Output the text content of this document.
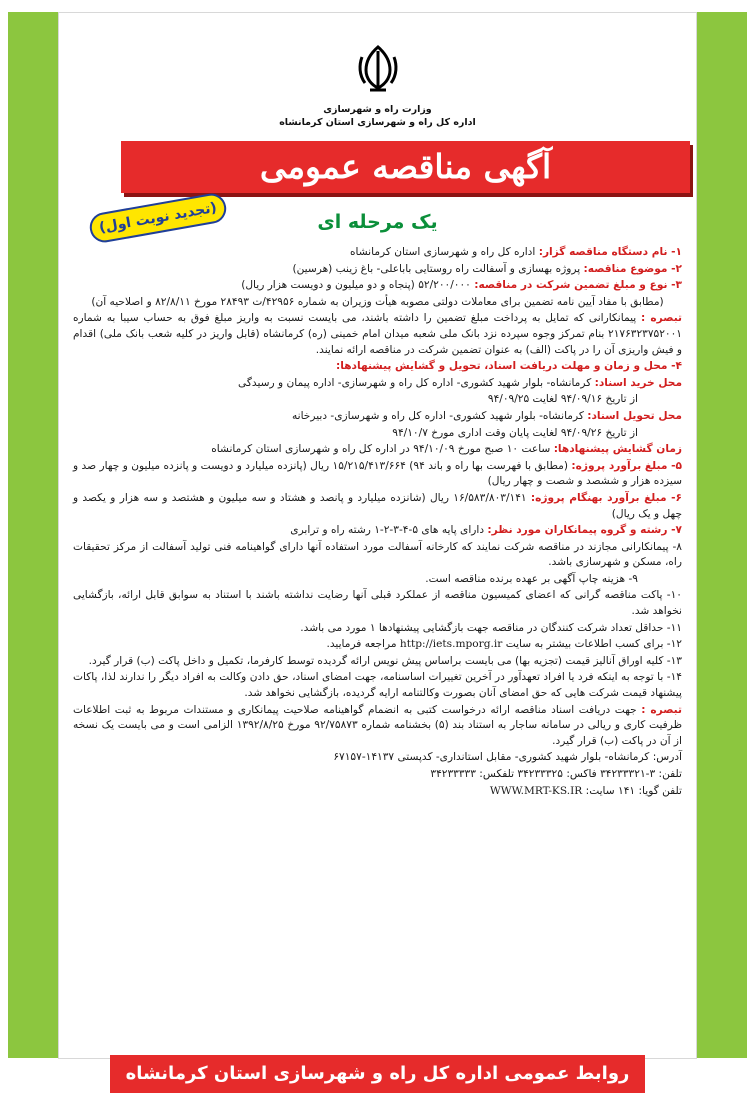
وزارت راه و شهرسازی
اداره کل راه و شهرسازی استان کرمانشاه
آگهی مناقصه عمومی
(تجدید نوبت اول)	یک مرحله ای

۱- نام دستگاه مناقصه گزار: اداره کل راه و شهرسازی استان کرمانشاه

۲- موضوع مناقصه: پروژه بهسازی و آسفالت راه روستایی باباعلی- باغ زینب (هرسین)

۳- نوع و مبلغ تضمین شرکت در مناقصه: ۵۲/۲۰۰/۰۰۰ (پنجاه و دو میلیون و دویست هزار ریال)

(مطابق با مفاد آیین نامه تضمین برای معاملات دولتی مصوبه هیأت وزیران به شماره ۴۲۹۵۶/ت ۲۸۴۹۳ مورخ ۸۲/۸/۱۱ و اصلاحیه آن)

تبصره : پیمانکارانی که تمایل به پرداخت مبلغ تضمین را داشته باشند، می بایست نسبت به واریز مبلغ فوق به حساب سیبا به شماره ۲۱۷۶۳۲۳۷۵۲۰۰۱ بنام تمرکز وجوه سپرده نزد بانک ملی شعبه میدان امام خمینی (ره) کرمانشاه (قابل واریز در کلیه شعب بانک ملی) اقدام و فیش واریزی آن را در پاکت (الف) به عنوان تضمین شرکت در مناقصه ارائه نمایند.

۴- محل و زمان و مهلت دریافت اسناد، تحویل و گشایش پیشنهادها:

محل خرید اسناد: کرمانشاه- بلوار شهید کشوری- اداره کل راه و شهرسازی- اداره پیمان و رسیدگی

از تاریخ ۹۴/۰۹/۱۶ لغایت ۹۴/۰۹/۲۵

محل تحویل اسناد: کرمانشاه- بلوار شهید کشوری- اداره کل راه و شهرسازی- دبیرخانه

از تاریخ ۹۴/۰۹/۲۶ لغایت پایان وقت اداری مورخ ۹۴/۱۰/۷

زمان گشایش پیشنهادها: ساعت ۱۰ صبح مورخ ۹۴/۱۰/۰۹ در اداره کل راه و شهرسازی استان کرمانشاه

۵- مبلغ برآورد پروژه: (مطابق با فهرست بها راه و باند ۹۴) ۱۵/۲۱۵/۴۱۳/۶۶۴ ریال (پانزده میلیارد و دویست و پانزده میلیون و چهار صد و سیزده هزار و ششصد و شصت و چهار ریال)

۶- مبلغ برآورد بهنگام پروژه: ۱۶/۵۸۳/۸۰۳/۱۴۱ ریال (شانزده میلیارد و پانصد و هشتاد و سه میلیون و هشتصد و سه هزار و یکصد و چهل و یک ریال)

۷- رشته و گروه پیمانکاران مورد نظر: دارای پایه های ۵-۴-۳-۲-۱ رشته راه و ترابری

۸- پیمانکارانی مجازند در مناقصه شرکت نمایند که کارخانه آسفالت مورد استفاده آنها دارای گواهینامه فنی تولید آسفالت از مرکز تحقیقات راه، مسکن و شهرسازی باشد.

۹- هزینه چاپ آگهی بر عهده برنده مناقصه است.

۱۰- پاکت مناقصه گرانی که اعضای کمیسیون مناقصه از عملکرد قبلی آنها رضایت نداشته باشند با استناد به سوابق قابل ارائه، بازگشایی نخواهد شد.

۱۱- حداقل تعداد شرکت کنندگان در مناقصه جهت بازگشایی پیشنهادها ۱ مورد می باشد.

۱۲- برای کسب اطلاعات بیشتر به سایت http://iets.mporg.ir مراجعه فرمایید.

۱۳- کلیه اوراق آنالیز قیمت (تجزیه بها) می بایست براساس پیش نویس ارائه گردیده توسط کارفرما، تکمیل و داخل پاکت (ب) قرار گیرد.

۱۴- با توجه به اینکه فرد یا افراد تعهدآور در آخرین تغییرات اساسنامه، جهت امضای اسناد، حق دادن وکالت به افراد دیگر را ندارند لذا، پاکات پیشنهاد قیمت شرکت هایی که حق امضای آنان بصورت وکالتنامه ارایه گردیده، بازگشایی نخواهد شد.

تبصره : جهت دریافت اسناد مناقصه ارائه درخواست کتبی به انضمام گواهینامه صلاحیت پیمانکاری و مستندات مربوط به ثبت اطلاعات ظرفیت کاری و ریالی در سامانه ساجار به استناد بند (۵) بخشنامه شماره ۹۲/۷۵۸۷۳ مورخ ۱۳۹۲/۸/۲۵ الزامی است و می بایست یک نسخه از آن در پاکت (ب) قرار گیرد.

آدرس: کرمانشاه- بلوار شهید کشوری- مقابل استانداری- کدپستی ۱۴۱۳۷-۶۷۱۵۷

تلفن: ۳-۳۴۲۳۳۳۲۱ فاکس: ۳۴۲۳۳۳۲۵ تلفکس: ۳۴۲۳۳۳۳۳

تلفن گویا: ۱۴۱ سایت: WWW.MRT-KS.IR

روابط عمومی اداره کل راه و شهرسازی استان کرمانشاه
